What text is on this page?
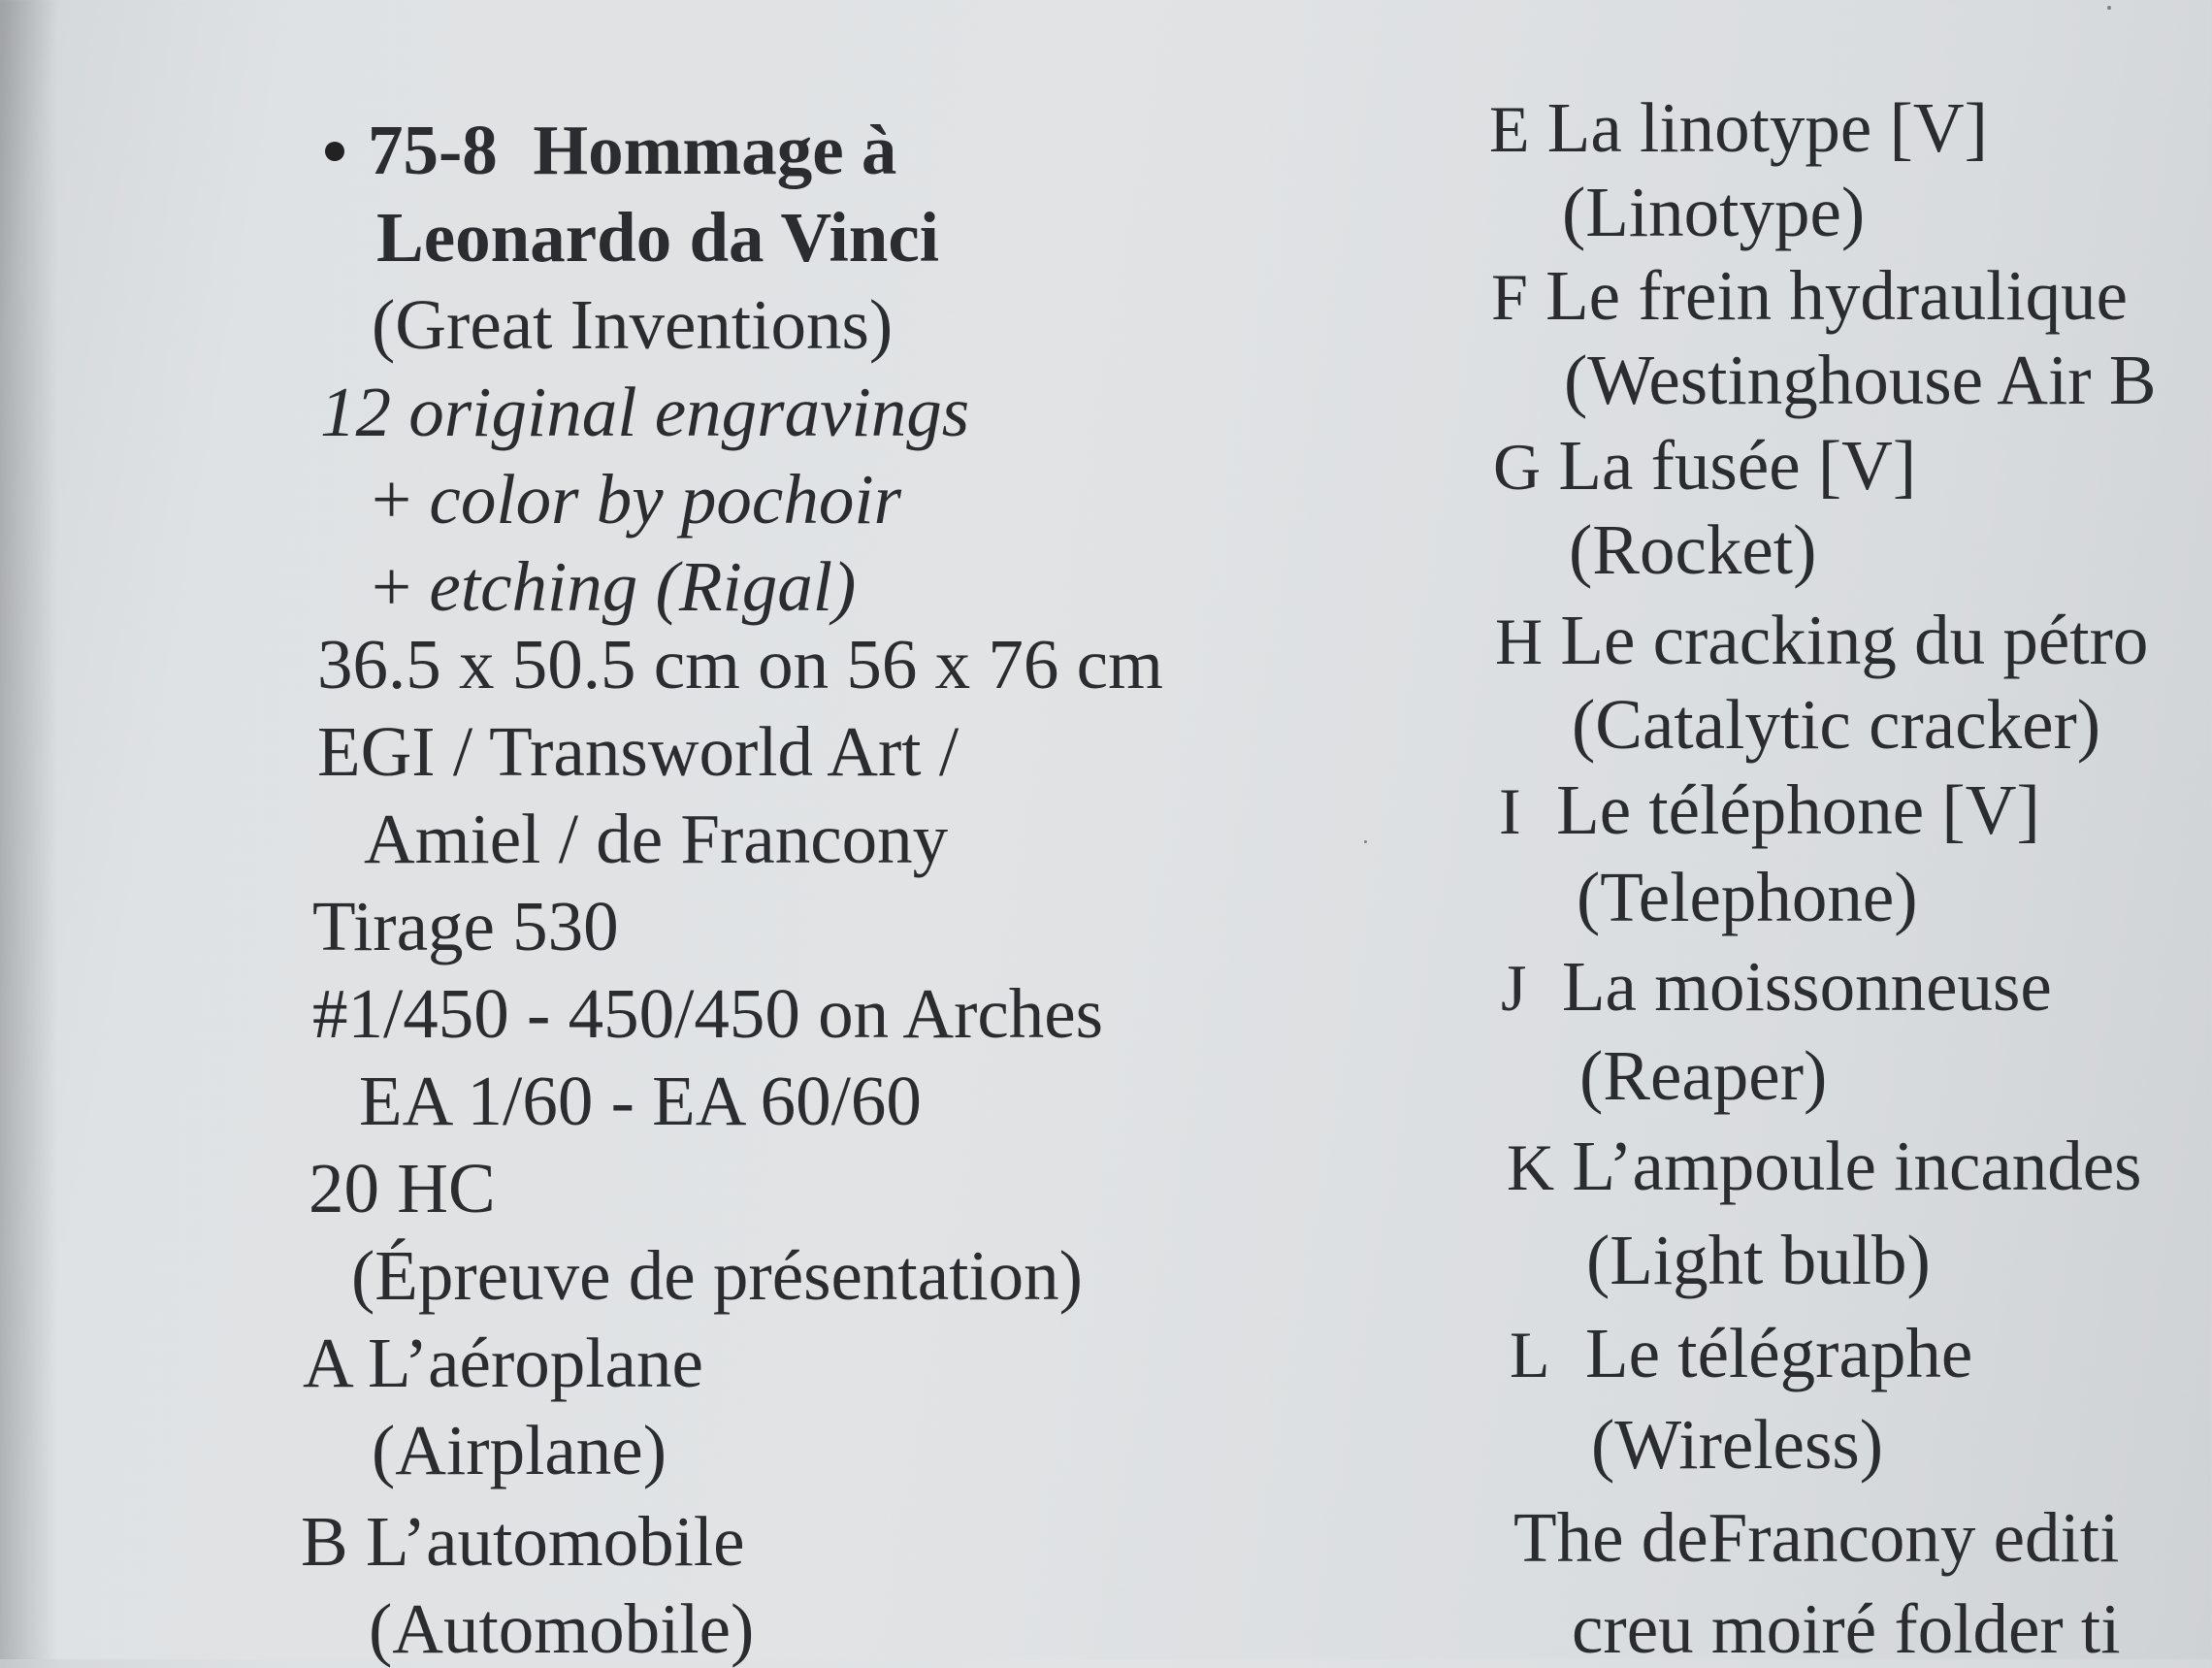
75-8 Hommage à
Leonardo da Vinci
(Great Inventions)
12 original engravings
+ color by pochoir
+ etching (Rigal)
36.5 x 50.5 cm on 56 x 76 cm
EGI / Transworld Art /
Amiel / de Francony
Tirage 530
#1/450 - 450/450 on Arches
EA 1/60 - EA 60/60
20 HC
(Épreuve de présentation)
A L’aéroplane
(Airplane)
B L’automobile
(Automobile)
E La linotype [V]
(Linotype)
F Le frein hydraulique
(Westinghouse Air B
G La fusée [V]
(Rocket)
H Le cracking du pétro
(Catalytic cracker)
I Le téléphone [V]
(Telephone)
J La moissonneuse
(Reaper)
K L’ampoule incandes
(Light bulb)
L Le télégraphe
(Wireless)
The deFrancony editi
creu moiré folder ti
